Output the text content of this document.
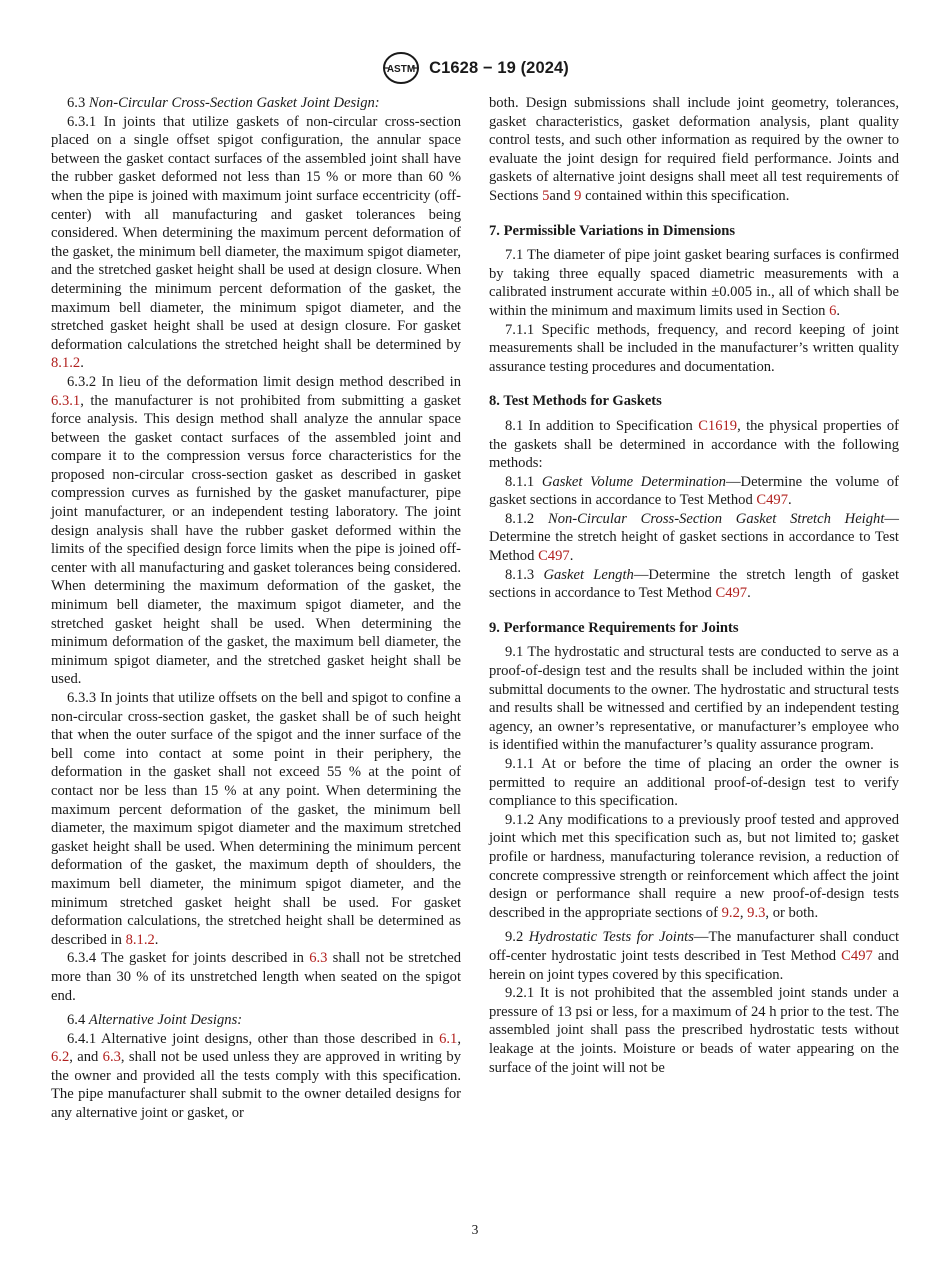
ASTM C1628 − 19 (2024)

6.3 Non-Circular Cross-Section Gasket Joint Design:

6.3.1 In joints that utilize gaskets of non-circular cross-section placed on a single offset spigot configuration, the annular space between the gasket contact surfaces of the assembled joint shall have the rubber gasket deformed not less than 15 % or more than 60 % when the pipe is joined with maximum joint surface eccentricity (off-center) with all manufacturing and gasket tolerances being considered. When determining the maximum percent deformation of the gasket, the minimum bell diameter, the maximum spigot diameter, and the stretched gasket height shall be used at design closure. When determining the minimum percent deformation of the gasket, the maximum bell diameter, the minimum spigot diameter, and the stretched gasket height shall be used at design closure. For gasket deformation calculations the stretched height shall be determined by 8.1.2.

6.3.2 In lieu of the deformation limit design method described in 6.3.1, the manufacturer is not prohibited from submitting a gasket force analysis. This design method shall analyze the annular space between the gasket contact surfaces of the assembled joint and compare it to the compression versus force characteristics for the proposed non-circular cross-section gasket as described in gasket compression curves as furnished by the gasket manufacturer, pipe joint manufacturer, or an independent testing laboratory. The joint design analysis shall have the rubber gasket deformed within the limits of the specified design force limits when the pipe is joined off-center with all manufacturing and gasket tolerances being considered. When determining the maximum deformation of the gasket, the minimum bell diameter, the maximum spigot diameter, and the stretched gasket height shall be used. When determining the minimum deformation of the gasket, the maximum bell diameter, the minimum spigot diameter, and the stretched gasket height shall be used.

6.3.3 In joints that utilize offsets on the bell and spigot to confine a non-circular cross-section gasket, the gasket shall be of such height that when the outer surface of the spigot and the inner surface of the bell come into contact at some point in their periphery, the deformation in the gasket shall not exceed 55 % at the point of contact nor be less than 15 % at any point. When determining the maximum percent deformation of the gasket, the minimum bell diameter, the maximum spigot diameter and the maximum stretched gasket height shall be used. When determining the minimum percent deformation of the gasket, the maximum depth of shoulders, the maximum bell diameter, the minimum spigot diameter, and the minimum stretched gasket height shall be used. For gasket deformation calculations, the stretched height shall be determined as described in 8.1.2.

6.3.4 The gasket for joints described in 6.3 shall not be stretched more than 30 % of its unstretched length when seated on the spigot end.

6.4 Alternative Joint Designs:

6.4.1 Alternative joint designs, other than those described in 6.1, 6.2, and 6.3, shall not be used unless they are approved in writing by the owner and provided all the tests comply with this specification. The pipe manufacturer shall submit to the owner detailed designs for any alternative joint or gasket, or

both. Design submissions shall include joint geometry, tolerances, gasket characteristics, gasket deformation analysis, plant quality control tests, and such other information as required by the owner to evaluate the joint design for required field performance. Joints and gaskets of alternative joint designs shall meet all test requirements of Sections 5and 9 contained within this specification.

7. Permissible Variations in Dimensions

7.1 The diameter of pipe joint gasket bearing surfaces is confirmed by taking three equally spaced diametric measurements with a calibrated instrument accurate within ±0.005 in., all of which shall be within the minimum and maximum limits used in Section 6.

7.1.1 Specific methods, frequency, and record keeping of joint measurements shall be included in the manufacturer’s written quality assurance testing procedures and documentation.

8. Test Methods for Gaskets

8.1 In addition to Specification C1619, the physical properties of the gaskets shall be determined in accordance with the following methods:

8.1.1 Gasket Volume Determination—Determine the volume of gasket sections in accordance to Test Method C497.

8.1.2 Non-Circular Cross-Section Gasket Stretch Height—Determine the stretch height of gasket sections in accordance to Test Method C497.

8.1.3 Gasket Length—Determine the stretch length of gasket sections in accordance to Test Method C497.

9. Performance Requirements for Joints

9.1 The hydrostatic and structural tests are conducted to serve as a proof-of-design test and the results shall be included within the joint submittal documents to the owner. The hydrostatic and structural tests and results shall be witnessed and certified by an independent testing agency, an owner’s representative, or manufacturer’s employee who is identified within the manufacturer’s quality assurance program.

9.1.1 At or before the time of placing an order the owner is permitted to require an additional proof-of-design test to verify compliance to this specification.

9.1.2 Any modifications to a previously proof tested and approved joint which met this specification such as, but not limited to; gasket profile or hardness, manufacturing tolerance revision, a reduction of concrete compressive strength or reinforcement which affect the joint design or performance shall require a new proof-of-design tests described in the appropriate sections of 9.2, 9.3, or both.

9.2 Hydrostatic Tests for Joints—The manufacturer shall conduct off-center hydrostatic joint tests described in Test Method C497 and herein on joint types covered by this specification.

9.2.1 It is not prohibited that the assembled joint stands under a pressure of 13 psi or less, for a maximum of 24 h prior to the test. The assembled joint shall pass the prescribed hydrostatic tests without leakage at the joints. Moisture or beads of water appearing on the surface of the joint will not be

3
